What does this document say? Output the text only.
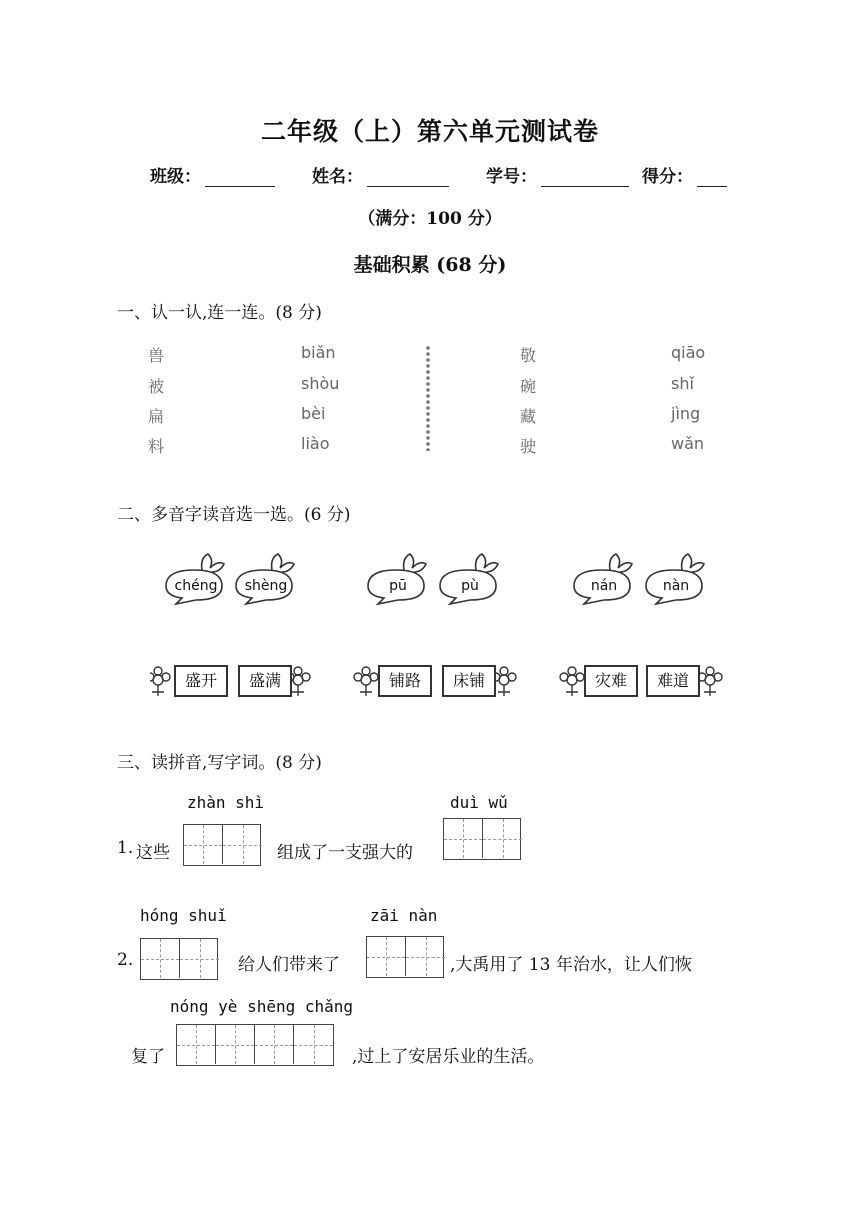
二年级（上）第六单元测试卷
班级：	姓名：	学号：	得分：
（满分：100 分）
基础积累 (68 分)
一、认一认,连一连。(8 分)
兽
被
扁
料
biǎn
shòu
bèi
liào
敬
碗
藏
驶
qiāo
shǐ
jìng
wǎn
二、多音字读音选一选。(6 分)
chéng	shèng	pū	pù	nán	nàn
盛开	盛满	铺路	床铺	灾难	难道
三、读拼音,写字词。(8 分)
zhàn shì	duì wǔ
1. 这些	组成了一支强大的
hóng shuǐ	zāi nàn
2.	给人们带来了	,大禹用了 13 年治水，让人们恢
nóng yè shēng chǎng
复了	,过上了安居乐业的生活。
